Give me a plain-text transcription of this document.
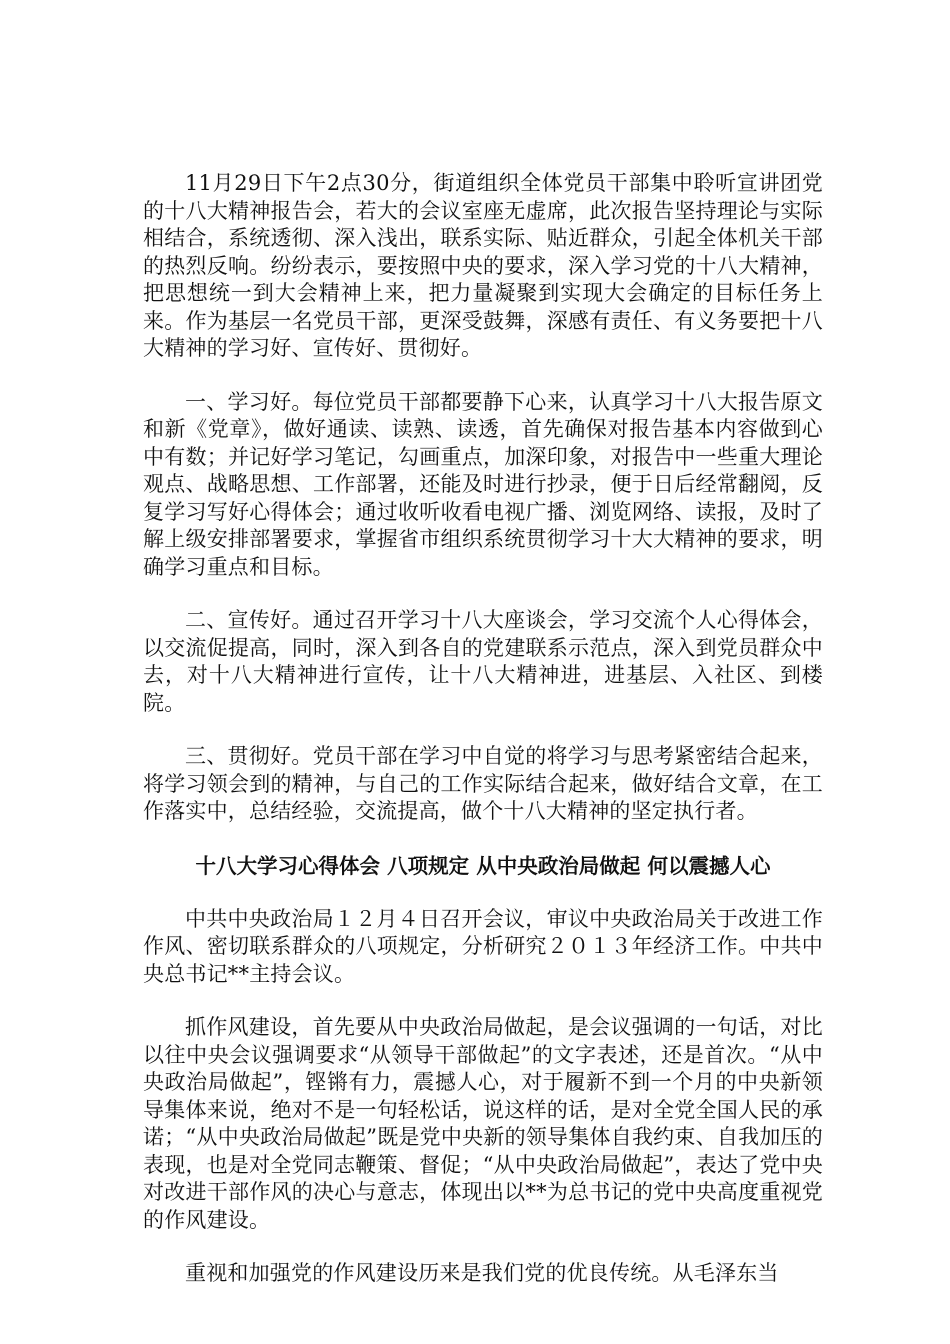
11月29日下午2点30分，街道组织全体党员干部集中聆听宣讲团党的十八大精神报告会，若大的会议室座无虚席，此次报告坚持理论与实际相结合，系统透彻、深入浅出，联系实际、贴近群众，引起全体机关干部的热烈反响。纷纷表示，要按照中央的要求，深入学习党的十八大精神，把思想统一到大会精神上来，把力量凝聚到实现大会确定的目标任务上来。作为基层一名党员干部，更深受鼓舞，深感有责任、有义务要把十八大精神的学习好、宣传好、贯彻好。

一、学习好。每位党员干部都要静下心来，认真学习十八大报告原文和新《党章》，做好通读、读熟、读透，首先确保对报告基本内容做到心中有数；并记好学习笔记，勾画重点，加深印象，对报告中一些重大理论观点、战略思想、工作部署，还能及时进行抄录，便于日后经常翻阅，反复学习写好心得体会；通过收听收看电视广播、浏览网络、读报，及时了解上级安排部署要求，掌握省市组织系统贯彻学习十大大精神的要求，明确学习重点和目标。

二、宣传好。通过召开学习十八大座谈会，学习交流个人心得体会，以交流促提高，同时，深入到各自的党建联系示范点，深入到党员群众中去，对十八大精神进行宣传，让十八大精神进，进基层、入社区、到楼院。

三、贯彻好。党员干部在学习中自觉的将学习与思考紧密结合起来，将学习领会到的精神，与自己的工作实际结合起来，做好结合文章，在工作落实中，总结经验，交流提高，做个十八大精神的坚定执行者。

十八大学习心得体会 八项规定 从中央政治局做起 何以震撼人心

中共中央政治局１２月４日召开会议，审议中央政治局关于改进工作作风、密切联系群众的八项规定，分析研究２０１３年经济工作。中共中央总书记**主持会议。

抓作风建设，首先要从中央政治局做起，是会议强调的一句话，对比以往中央会议强调要求“从领导干部做起”的文字表述，还是首次。“从中央政治局做起”，铿锵有力，震撼人心，对于履新不到一个月的中央新领导集体来说，绝对不是一句轻松话，说这样的话，是对全党全国人民的承诺；“从中央政治局做起”既是党中央新的领导集体自我约束、自我加压的表现，也是对全党同志鞭策、督促；“从中央政治局做起”，表达了党中央对改进干部作风的决心与意志，体现出以**为总书记的党中央高度重视党的作风建设。

重视和加强党的作风建设历来是我们党的优良传统。从毛泽东当
